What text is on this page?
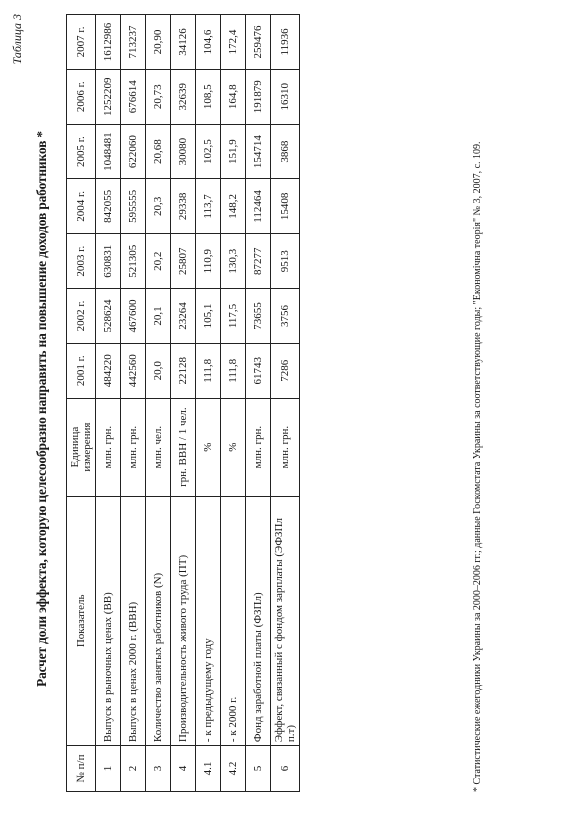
Таблица 3
Расчет доли эффекта, которую целесообразно направить на повышение доходов работников *
№ п/п	Показатель	Единица измерения	2001 г.	2002 г.	2003 г.	2004 г.	2005 г.	2006 г.	2007 г.
1	Выпуск в рыночных ценах (ВВ)	млн. грн.	484220	528624	630831	842055	1048481	1252209	1612986
2	Выпуск в ценах 2000 г. (ВВН)	млн. грн.	442560	467600	521305	595555	622060	676614	713237
3	Количество занятых работников (N)	млн. чел.	20,0	20,1	20,2	20,3	20,68	20,73	20,90
4	Производительность живого труда (ПТ)	грн. ВВН / 1 чел.	22128	23264	25807	29338	30080	32639	34126
4.1	- к предыдущему году	%	111,8	105,1	110,9	113,7	102,5	108,5	104,6
4.2	- к 2000 г.	%	111,8	117,5	130,3	148,2	151,9	164,8	172,4
5	Фонд заработной платы (ФЗПл)	млн. грн.	61743	73655	87277	112464	154714	191879	259476
6	Эффект, связанный с фондом зарплаты (ЭФЗПл п.т)	млн. грн.	7286	3756	9513	15408	3868	16310	11936
* Статистические ежегодники Украины за 2000–2006 гг.; данные Госкомстата Украины за соответствующие годы; "Економічна теорія" № 3, 2007, с. 109.
